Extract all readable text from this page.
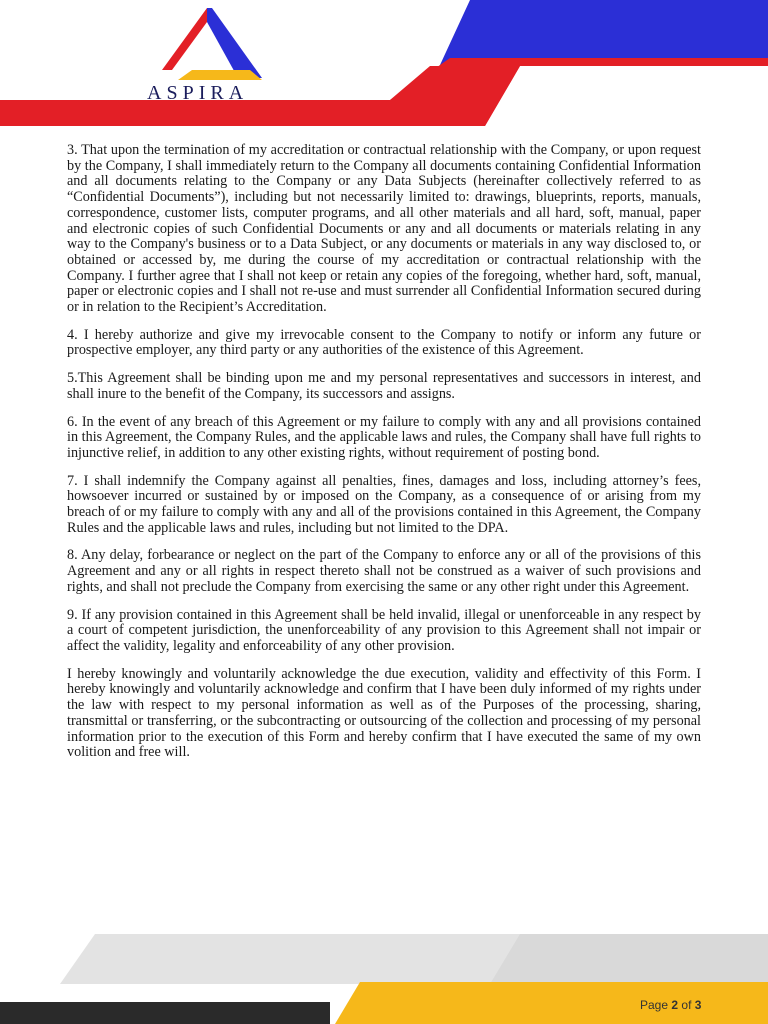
ASPIRA

3. That upon the termination of my accreditation or contractual relationship with the Company, or upon request by the Company, I shall immediately return to the Company all documents containing Confidential Information and all documents relating to the Company or any Data Subjects (hereinafter collectively referred to as “Confidential Documents”), including but not necessarily limited to: drawings, blueprints, reports, manuals, correspondence, customer lists, computer programs, and all other materials and all hard, soft, manual, paper and electronic copies of such Confidential Documents or any and all documents or materials relating in any way to the Company's business or to a Data Subject, or any documents or materials in any way disclosed to, or obtained or accessed by, me during the course of my accreditation or contractual relationship with the Company. I further agree that I shall not keep or retain any copies of the foregoing, whether hard, soft, manual, paper or electronic copies and I shall not re-use and must surrender all Confidential Information secured during or in relation to the Recipient’s Accreditation.

4. I hereby authorize and give my irrevocable consent to the Company to notify or inform any future or prospective employer, any third party or any authorities of the existence of this Agreement.

5.This Agreement shall be binding upon me and my personal representatives and successors in interest, and shall inure to the benefit of the Company, its successors and assigns.

6. In the event of any breach of this Agreement or my failure to comply with any and all provisions contained in this Agreement, the Company Rules, and the applicable laws and rules, the Company shall have full rights to injunctive relief, in addition to any other existing rights, without requirement of posting bond.

7. I shall indemnify the Company against all penalties, fines, damages and loss, including attorney’s fees, howsoever incurred or sustained by or imposed on the Company, as a consequence of or arising from my breach of or my failure to comply with any and all of the provisions contained in this Agreement, the Company Rules and the applicable laws and rules, including but not limited to the DPA.

8. Any delay, forbearance or neglect on the part of the Company to enforce any or all of the provisions of this Agreement and any or all rights in respect thereto shall not be construed as a waiver of such provisions and rights, and shall not preclude the Company from exercising the same or any other right under this Agreement.

9. If any provision contained in this Agreement shall be held invalid, illegal or unenforceable in any respect by a court of competent jurisdiction, the unenforceability of any provision to this Agreement shall not impair or affect the validity, legality and enforceability of any other provision.

I hereby knowingly and voluntarily acknowledge the due execution, validity and effectivity of this Form. I hereby knowingly and voluntarily acknowledge and confirm that I have been duly informed of my rights under the law with respect to my personal information as well as of the Purposes of the processing, sharing, transmittal or transferring, or the subcontracting or outsourcing of the collection and processing of my personal information prior to the execution of this Form and hereby confirm that I have executed the same of my own volition and free will.

Page 2 of 3
